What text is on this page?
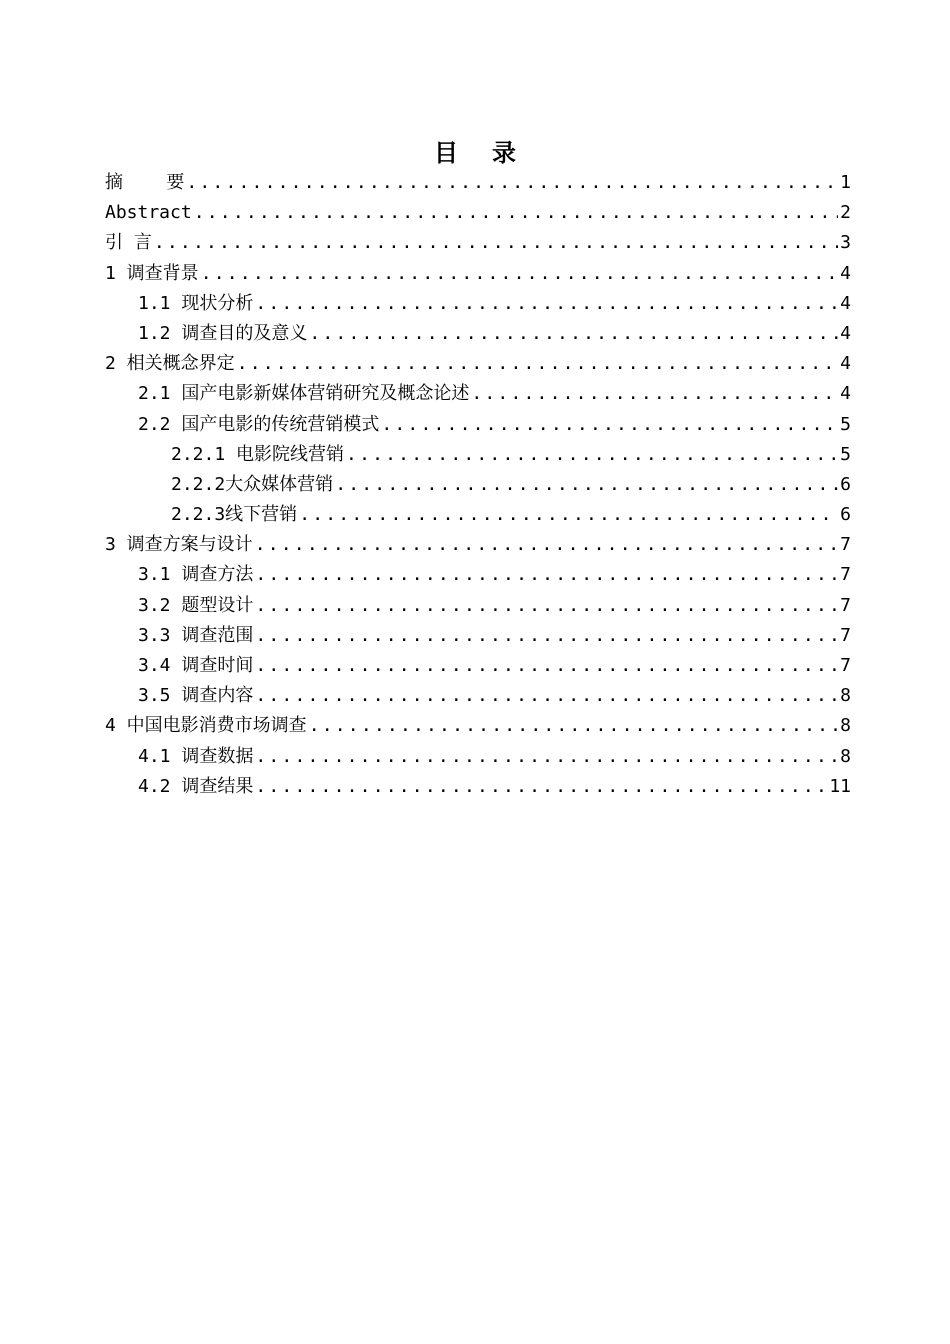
目 录
摘    要 .....	1
Abstract .....	2
引 言 .....	3
1 调查背景 .....	4
1.1 现状分析 .....	4
1.2 调查目的及意义 .....	4
2 相关概念界定 .....	4
2.1 国产电影新媒体营销研究及概念论述 .....	4
2.2 国产电影的传统营销模式 .....	5
2.2.1 电影院线营销 .....	5
2.2.2大众媒体营销 .....	6
2.2.3线下营销 .....	6
3 调查方案与设计 .....	7
3.1 调查方法 .....	7
3.2 题型设计 .....	7
3.3 调查范围 .....	7
3.4 调查时间 .....	7
3.5 调查内容 .....	8
4 中国电影消费市场调查 .....	8
4.1 调查数据 .....	8
4.2 调查结果 .....	11
